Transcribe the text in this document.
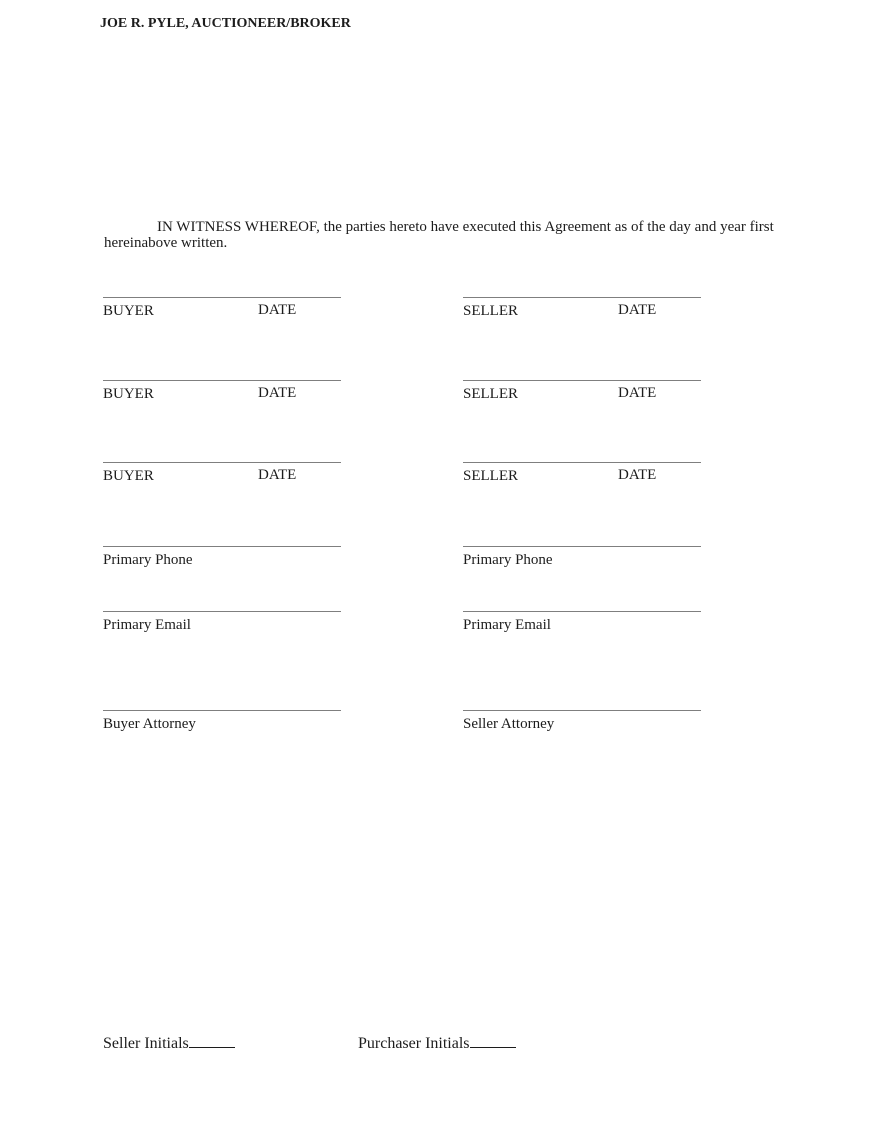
JOE R. PYLE, AUCTIONEER/BROKER
IN WITNESS WHEREOF, the parties hereto have executed this Agreement as of the day and year first
hereinabove written.
BUYER	DATE	SELLER	DATE
BUYER	DATE	SELLER	DATE
BUYER	DATE	SELLER	DATE
Primary Phone	Primary Phone
Primary Email	Primary Email
Buyer Attorney	Seller Attorney
Seller Initials	Purchaser Initials
